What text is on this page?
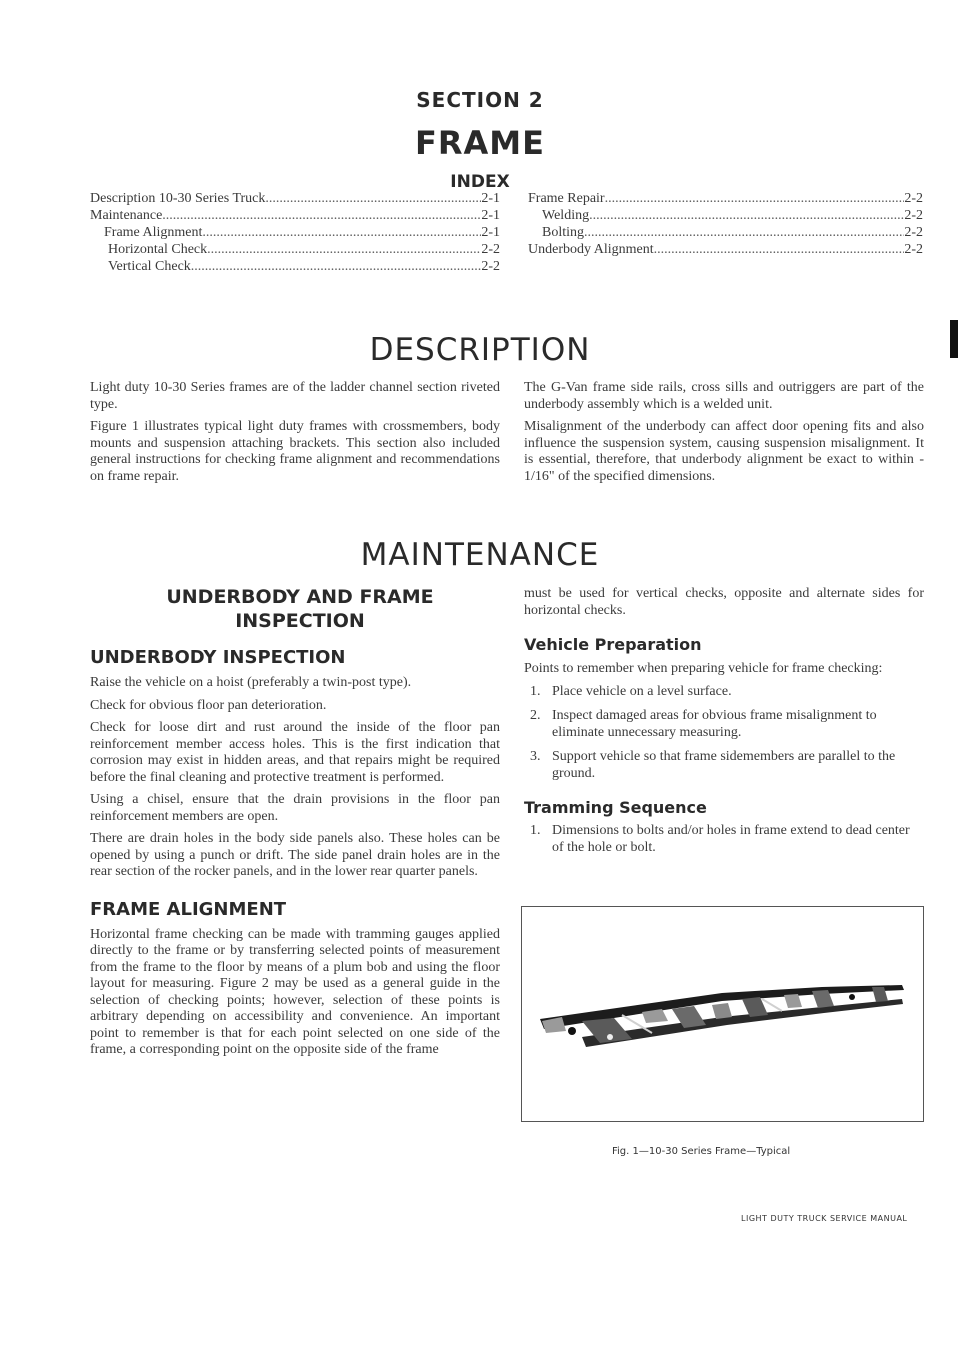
SECTION 2
FRAME
INDEX
Description 10-30 Series Truck .....	2-1
Maintenance .....	2-1
Frame Alignment .....	2-1
Horizontal Check .....	2-2
Vertical Check .....	2-2
Frame Repair .....	2-2
Welding .....	2-2
Bolting .....	2-2
Underbody Alignment .....	2-2
DESCRIPTION

Light duty 10-30 Series frames are of the ladder channel section riveted type.

Figure 1 illustrates typical light duty frames with crossmembers, body mounts and suspension attaching brackets. This section also included general instructions for checking frame alignment and recommendations on frame repair.

The G-Van frame side rails, cross sills and outriggers are part of the underbody assembly which is a welded unit.

Misalignment of the underbody can affect door opening fits and also influence the suspension system, causing suspension misalignment. It is essential, therefore, that underbody alignment be exact to within - 1/16" of the specified dimensions.

MAINTENANCE
UNDERBODY AND FRAME
INSPECTION
UNDERBODY INSPECTION

Raise the vehicle on a hoist (preferably a twin-post type).

Check for obvious floor pan deterioration.

Check for loose dirt and rust around the inside of the floor pan reinforcement member access holes. This is the first indication that corrosion may exist in hidden areas, and that repairs might be required before the final cleaning and protective treatment is performed.

Using a chisel, ensure that the drain provisions in the floor pan reinforcement members are open.

There are drain holes in the body side panels also. These holes can be opened by using a punch or drift. The side panel drain holes are in the rear section of the rocker panels, and in the lower rear quarter panels.

FRAME ALIGNMENT

Horizontal frame checking can be made with tramming gauges applied directly to the frame or by transferring selected points of measurement from the frame to the floor by means of a plum bob and using the floor layout for measuring. Figure 2 may be used as a general guide in the selection of checking points; however, selection of these points is arbitrary depending on accessibility and convenience. An important point to remember is that for each point selected on one side of the frame, a corresponding point on the opposite side of the frame

must be used for vertical checks, opposite and alternate sides for horizontal checks.

Vehicle Preparation

Points to remember when preparing vehicle for frame checking:

1. Place vehicle on a level surface.
2. Inspect damaged areas for obvious frame misalignment to eliminate unnecessary measuring.
3. Support vehicle so that frame sidemembers are parallel to the ground.
Tramming Sequence
1. Dimensions to bolts and/or holes in frame extend to dead center of the hole or bolt.
Fig. 1—10-30 Series Frame—Typical
LIGHT DUTY TRUCK SERVICE MANUAL
